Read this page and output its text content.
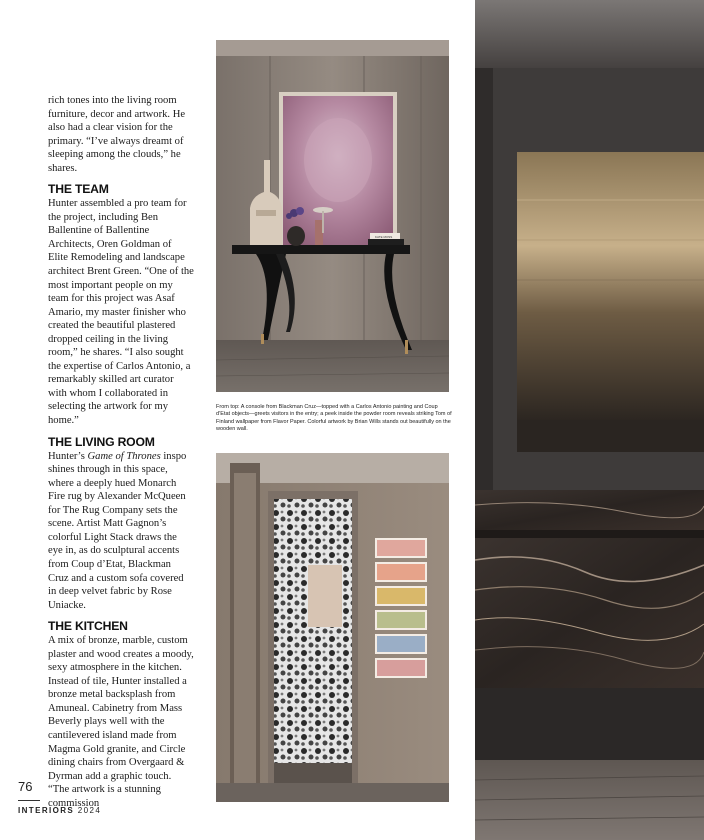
rich tones into the living room furniture, decor and artwork. He also had a clear vision for the primary. “I’ve always dreamt of sleeping among the clouds,” he shares.

THE TEAM

Hunter assembled a pro team for the project, including Ben Ballentine of Ballentine Architects, Oren Goldman of Elite Remodeling and landscape architect Brent Green. “One of the most important people on my team for this project was Asaf Amario, my master finisher who created the beautiful plastered dropped ceiling in the living room,” he shares. “I also sought the expertise of Carlos Antonio, a remarkably skilled art curator with whom I collaborated in selecting the artwork for my home.”

THE LIVING ROOM

Hunter’s Game of Thrones inspo shines through in this space, where a deeply hued Monarch Fire rug by Alexander McQueen for The Rug Company sets the scene. Artist Matt Gagnon’s colorful Light Stack draws the eye in, as do sculptural accents from Coup d’Etat, Blackman Cruz and a custom sofa covered in deep velvet fabric by Rose Uniacke.

THE KITCHEN

A mix of bronze, marble, custom plaster and wood creates a moody, sexy atmosphere in the kitchen. Instead of tile, Hunter installed a bronze metal backsplash from Amuneal. Cabinetry from Mass Beverly plays well with the cantilevered island made from Magma Gold granite, and Circle dining chairs from Overgaard & Dyrman add a graphic touch. “The artwork is a stunning commission

KATE MOSS
From top: A console from Blackman Cruz—topped with a Carlos Antonio painting and Coup d’Etat objects—greets visitors in the entry; a peek inside the powder room reveals striking Tom of Finland wallpaper from Flavor Paper. Colorful artwork by Brian Wills stands out beautifully on the wooden wall.
76
INTERIORS 2024
